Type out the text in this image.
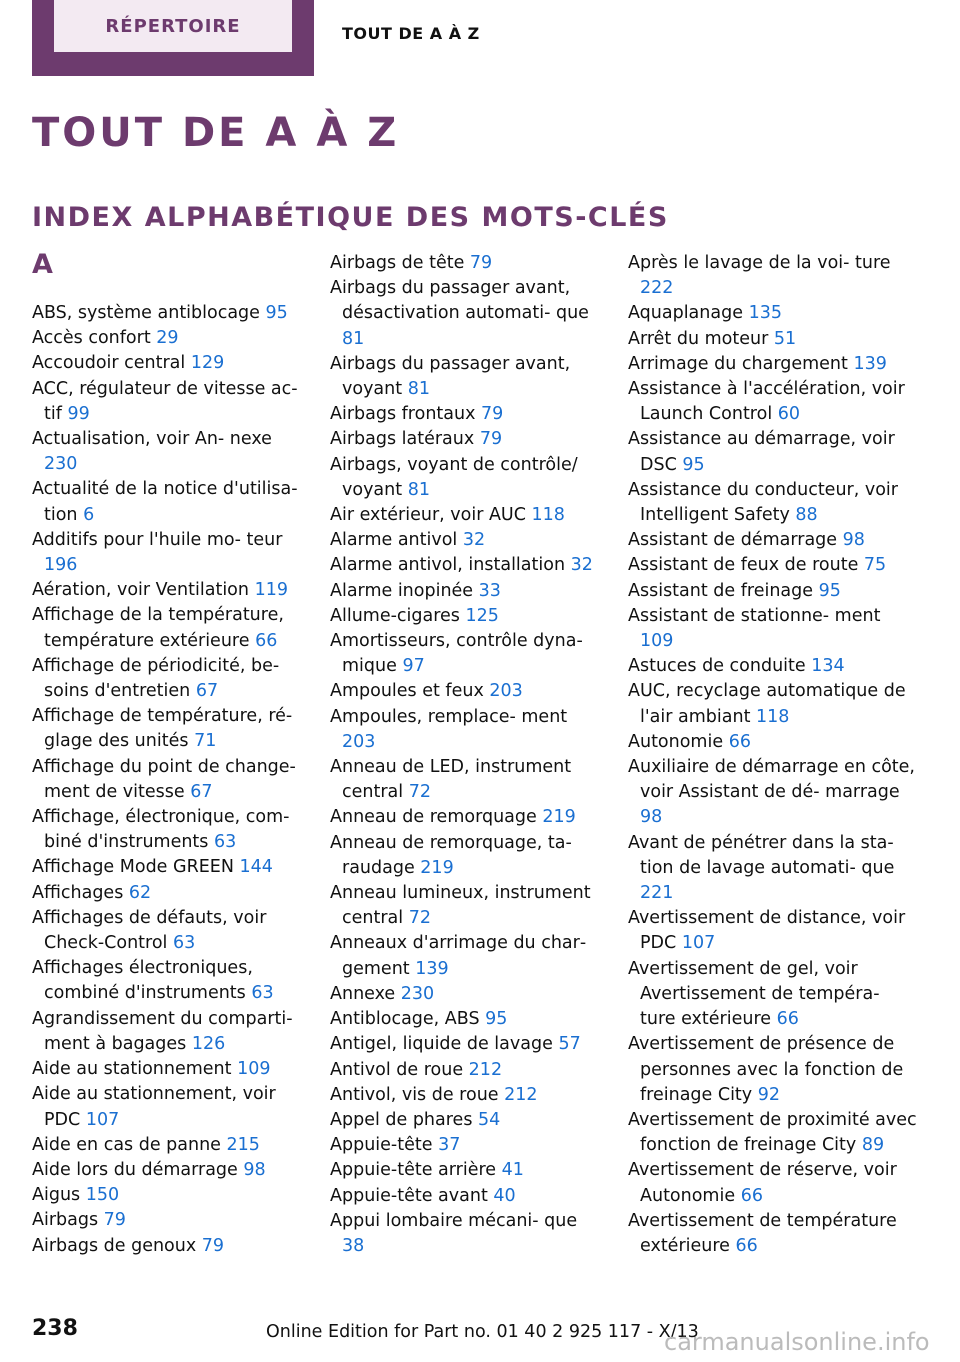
RÉPERTOIRE	TOUT DE A À Z
TOUT DE A À Z
INDEX ALPHABÉTIQUE DES MOTS-CLÉS
A
ABS, système antiblocage 95
Accès confort 29
Accoudoir central 129
ACC, régulateur de vitesse ac‐ tif 99
Actualisation, voir An‐ nexe 230
Actualité de la notice d'utilisa‐ tion 6
Additifs pour l'huile mo‐ teur 196
Aération, voir Ventilation 119
Affichage de la température, température extérieure 66
Affichage de périodicité, be‐ soins d'entretien 67
Affichage de température, ré‐ glage des unités 71
Affichage du point de change‐ ment de vitesse 67
Affichage, électronique, com‐ biné d'instruments 63
Affichage Mode GREEN 144
Affichages 62
Affichages de défauts, voir Check-Control 63
Affichages électroniques, combiné d'instruments 63
Agrandissement du comparti‐ ment à bagages 126
Aide au stationnement 109
Aide au stationnement, voir PDC 107
Aide en cas de panne 215
Aide lors du démarrage 98
Aigus 150
Airbags 79
Airbags de genoux 79
Airbags de tête 79
Airbags du passager avant, désactivation automati‐ que 81
Airbags du passager avant, voyant 81
Airbags frontaux 79
Airbags latéraux 79
Airbags, voyant de contrôle/ voyant 81
Air extérieur, voir AUC 118
Alarme antivol 32
Alarme antivol, installation 32
Alarme inopinée 33
Allume-cigares 125
Amortisseurs, contrôle dyna‐ mique 97
Ampoules et feux 203
Ampoules, remplace‐ ment 203
Anneau de LED, instrument central 72
Anneau de remorquage 219
Anneau de remorquage, ta‐ raudage 219
Anneau lumineux, instrument central 72
Anneaux d'arrimage du char‐ gement 139
Annexe 230
Antiblocage, ABS 95
Antigel, liquide de lavage 57
Antivol de roue 212
Antivol, vis de roue 212
Appel de phares 54
Appuie-tête 37
Appuie-tête arrière 41
Appuie-tête avant 40
Appui lombaire mécani‐ que 38
Après le lavage de la voi‐ ture 222
Aquaplanage 135
Arrêt du moteur 51
Arrimage du chargement 139
Assistance à l'accélération, voir Launch Control 60
Assistance au démarrage, voir DSC 95
Assistance du conducteur, voir Intelligent Safety 88
Assistant de démarrage 98
Assistant de feux de route 75
Assistant de freinage 95
Assistant de stationne‐ ment 109
Astuces de conduite 134
AUC, recyclage automatique de l'air ambiant 118
Autonomie 66
Auxiliaire de démarrage en côte, voir Assistant de dé‐ marrage 98
Avant de pénétrer dans la sta‐ tion de lavage automati‐ que 221
Avertissement de distance, voir PDC 107
Avertissement de gel, voir Avertissement de tempéra‐ ture extérieure 66
Avertissement de présence de personnes avec la fonction de freinage City 92
Avertissement de proximité avec fonction de freinage City 89
Avertissement de réserve, voir Autonomie 66
Avertissement de température extérieure 66
238	Online Edition for Part no. 01 40 2 925 117 - X/13
carmanualsonline.info
